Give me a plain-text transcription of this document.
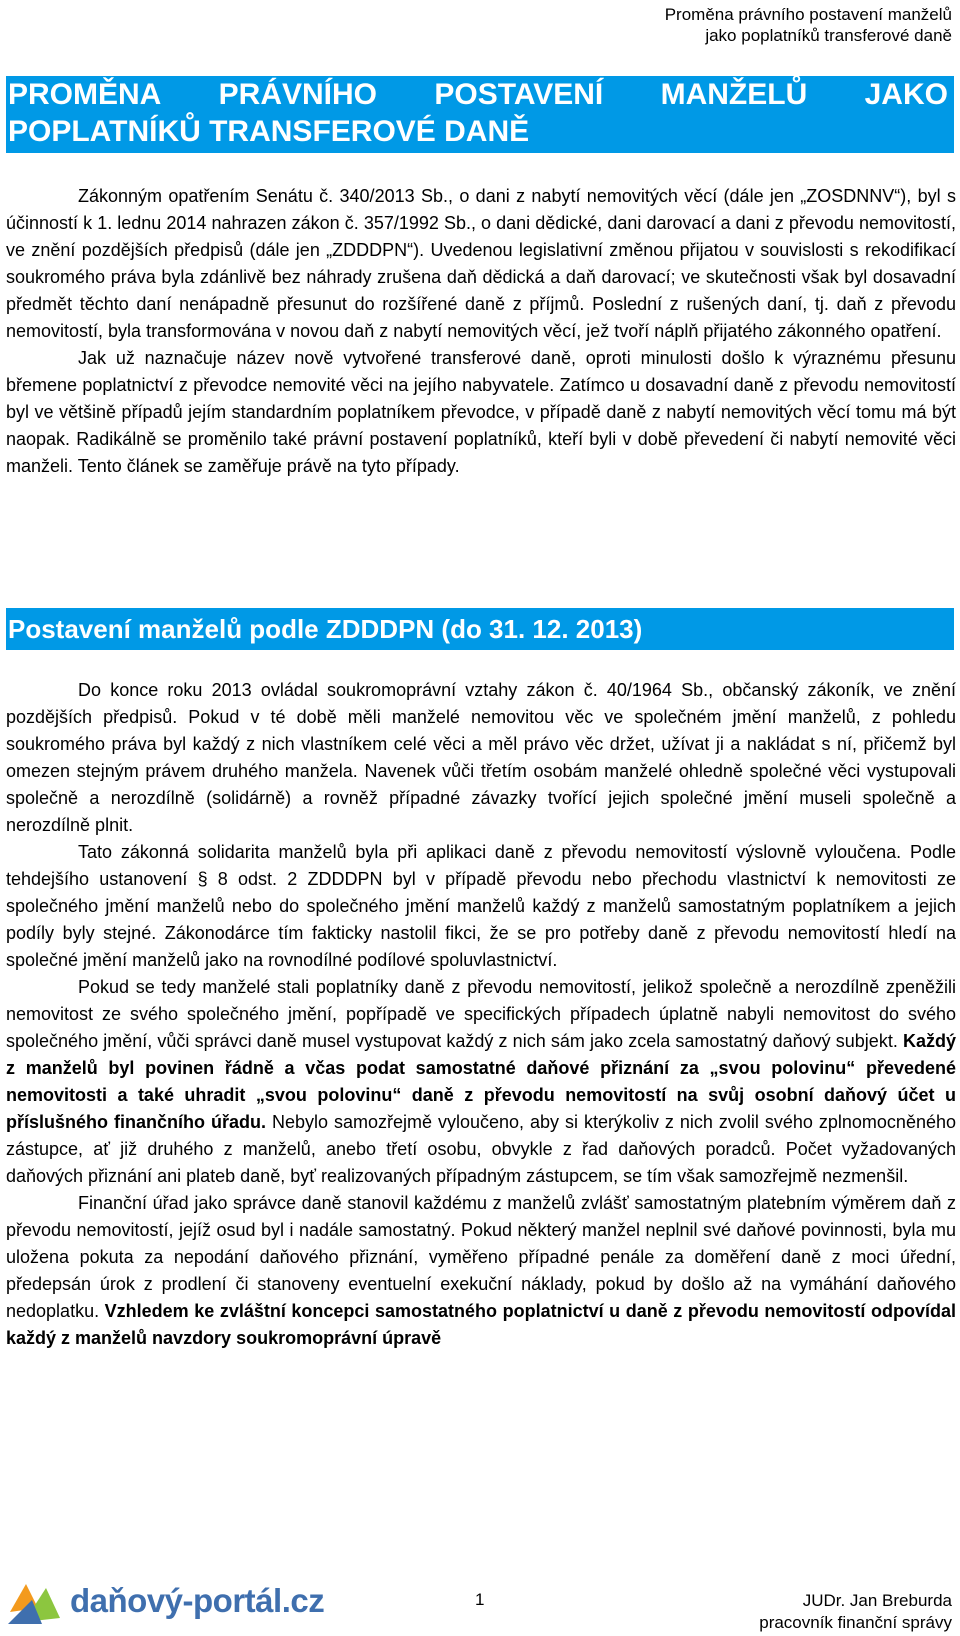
Proměna právního postavení manželů
jako poplatníků transferové daně
PROMĚNA PRÁVNÍHO POSTAVENÍ MANŽELŮ JAKO
POPLATNÍKŮ TRANSFEROVÉ DANĚ

Zákonným opatřením Senátu č. 340/2013 Sb., o dani z nabytí nemovitých věcí (dále jen „ZOSDNNV“), byl s účinností k 1. lednu 2014 nahrazen zákon č. 357/1992 Sb., o dani dědické, dani darovací a dani z převodu nemovitostí, ve znění pozdějších předpisů (dále jen „ZDDDPN“). Uvedenou legislativní změnou přijatou v souvislosti s rekodifikací soukromého práva byla zdánlivě bez náhrady zrušena daň dědická a daň darovací; ve skutečnosti však byl dosavadní předmět těchto daní nenápadně přesunut do rozšířené daně z příjmů. Poslední z rušených daní, tj. daň z převodu nemovitostí, byla transformována v novou daň z nabytí nemovitých věcí, jež tvoří náplň přijatého zákonného opatření.

Jak už naznačuje název nově vytvořené transferové daně, oproti minulosti došlo k výraznému přesunu břemene poplatnictví z převodce nemovité věci na jejího nabyvatele. Zatímco u dosavadní daně z převodu nemovitostí byl ve většině případů jejím standardním poplatníkem převodce, v případě daně z nabytí nemovitých věcí tomu má být naopak. Radikálně se proměnilo také právní postavení poplatníků, kteří byli v době převedení či nabytí nemovité věci manželi. Tento článek se zaměřuje právě na tyto případy.

Postavení manželů podle ZDDDPN (do 31. 12. 2013)

Do konce roku 2013 ovládal soukromoprávní vztahy zákon č. 40/1964 Sb., občanský zákoník, ve znění pozdějších předpisů. Pokud v té době měli manželé nemovitou věc ve společném jmění manželů, z pohledu soukromého práva byl každý z nich vlastníkem celé věci a měl právo věc držet, užívat ji a nakládat s ní, přičemž byl omezen stejným právem druhého manžela. Navenek vůči třetím osobám manželé ohledně společné věci vystupovali společně a nerozdílně (solidárně) a rovněž případné závazky tvořící jejich společné jmění museli společně a nerozdílně plnit.

Tato zákonná solidarita manželů byla při aplikaci daně z převodu nemovitostí výslovně vyloučena. Podle tehdejšího ustanovení § 8 odst. 2 ZDDDPN byl v případě převodu nebo přechodu vlastnictví k nemovitosti ze společného jmění manželů nebo do společného jmění manželů každý z manželů samostatným poplatníkem a jejich podíly byly stejné. Zákonodárce tím fakticky nastolil fikci, že se pro potřeby daně z převodu nemovitostí hledí na společné jmění manželů jako na rovnodílné podílové spoluvlastnictví.

Pokud se tedy manželé stali poplatníky daně z převodu nemovitostí, jelikož společně a nerozdílně zpeněžili nemovitost ze svého společného jmění, popřípadě ve specifických případech úplatně nabyli nemovitost do svého společného jmění, vůči správci daně musel vystupovat každý z nich sám jako zcela samostatný daňový subjekt. Každý z manželů byl povinen řádně a včas podat samostatné daňové přiznání za „svou polovinu“ převedené nemovitosti a také uhradit „svou polovinu“ daně z převodu nemovitostí na svůj osobní daňový účet u příslušného finančního úřadu. Nebylo samozřejmě vyloučeno, aby si kterýkoliv z nich zvolil svého zplnomocněného zástupce, ať již druhého z manželů, anebo třetí osobu, obvykle z řad daňových poradců. Počet vyžadovaných daňových přiznání ani plateb daně, byť realizovaných případným zástupcem, se tím však samozřejmě nezmenšil.

Finanční úřad jako správce daně stanovil každému z manželů zvlášť samostatným platebním výměrem daň z převodu nemovitostí, jejíž osud byl i nadále samostatný. Pokud některý manžel neplnil své daňové povinnosti, byla mu uložena pokuta za nepodání daňového přiznání, vyměřeno případné penále za doměření daně z moci úřední, předepsán úrok z prodlení či stanoveny eventuelní exekuční náklady, pokud by došlo až na vymáhání daňového nedoplatku. Vzhledem ke zvláštní koncepci samostatného poplatnictví u daně z převodu nemovitostí odpovídal každý z manželů navzdory soukromoprávní úpravě

daňový-portál.cz	1	JUDr. Jan Breburda
pracovník finanční správy
